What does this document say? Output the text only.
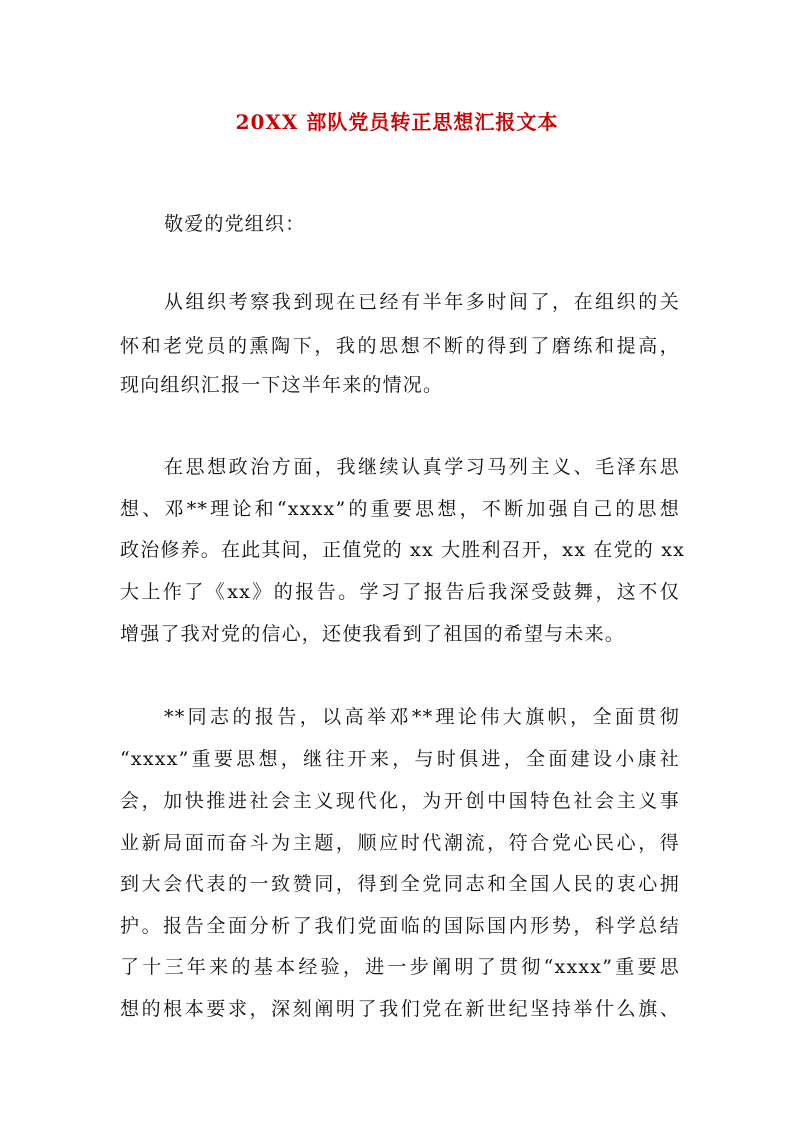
20XX 部队党员转正思想汇报文本
敬爱的党组织：
从组织考察我到现在已经有半年多时间了，在组织的关
怀和老党员的熏陶下，我的思想不断的得到了磨练和提高，
现向组织汇报一下这半年来的情况。
在思想政治方面，我继续认真学习马列主义、毛泽东思
想、邓**理论和“xxxx”的重要思想，不断加强自己的思想
政治修养。在此其间，正值党的 xx 大胜利召开，xx 在党的 xx
大上作了《xx》的报告。学习了报告后我深受鼓舞，这不仅
增强了我对党的信心，还使我看到了祖国的希望与未来。
**同志的报告，以高举邓**理论伟大旗帜，全面贯彻
“xxxx”重要思想，继往开来，与时俱进，全面建设小康社
会，加快推进社会主义现代化，为开创中国特色社会主义事
业新局面而奋斗为主题，顺应时代潮流，符合党心民心，得
到大会代表的一致赞同，得到全党同志和全国人民的衷心拥
护。报告全面分析了我们党面临的国际国内形势，科学总结
了十三年来的基本经验，进一步阐明了贯彻“xxxx”重要思
想的根本要求，深刻阐明了我们党在新世纪坚持举什么旗、
